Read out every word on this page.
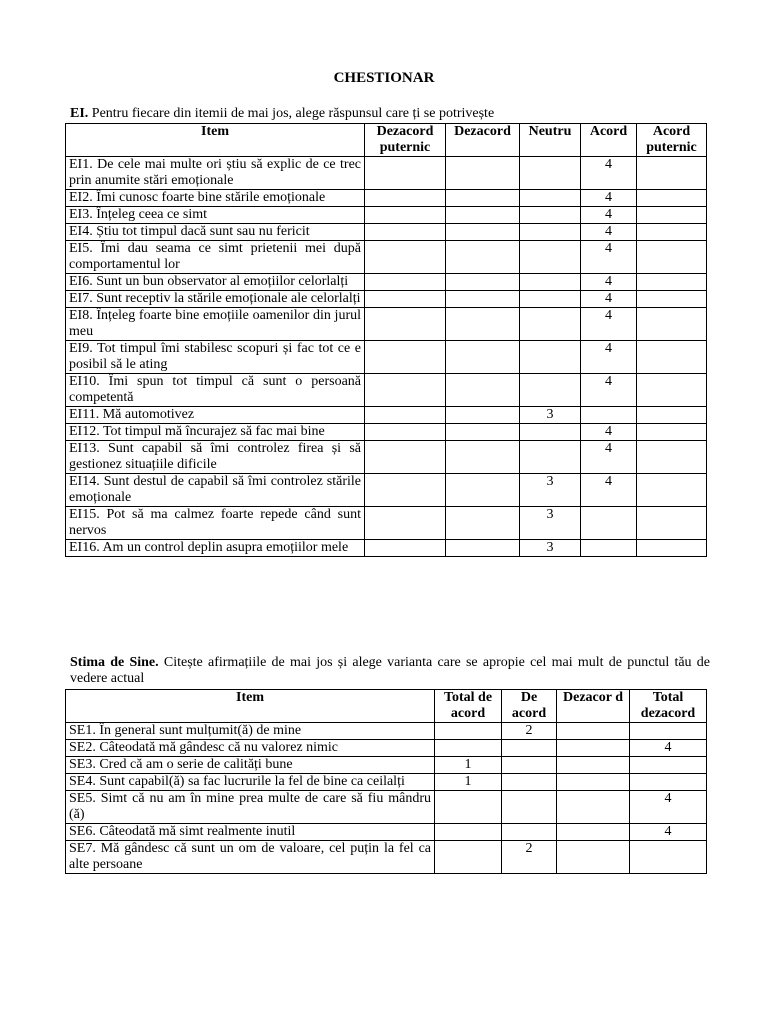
CHESTIONAR
EI. Pentru fiecare din itemii de mai jos, alege răspunsul care ți se potrivește
Item	Dezacord puternic	Dezacord	Neutru	Acord	Acord puternic
EI1. De cele mai multe ori știu să explic de ce trec prin anumite stări emoționale				4	
EI2. Îmi cunosc foarte bine stările emoționale				4	
EI3. Înțeleg ceea ce simt				4	
EI4. Știu tot timpul dacă sunt sau nu fericit				4	
EI5. Îmi dau seama ce simt prietenii mei după comportamentul lor				4	
EI6. Sunt un bun observator al emoțiilor celorlalți				4	
EI7. Sunt receptiv la stările emoționale ale celorlalți				4	
EI8. Înțeleg foarte bine emoțiile oamenilor din jurul meu				4	
EI9. Tot timpul îmi stabilesc scopuri și fac tot ce e posibil să le ating				4	
EI10. Îmi spun tot timpul că sunt o persoană competentă				4	
EI11. Mă automotivez			3		
EI12. Tot timpul mă încurajez să fac mai bine				4	
EI13. Sunt capabil să îmi controlez firea și să gestionez situațiile dificile				4	
EI14. Sunt destul de capabil să îmi controlez stările emoționale			3	4	
EI15. Pot să ma calmez foarte repede când sunt nervos			3		
EI16. Am un control deplin asupra emoțiilor mele			3		
Stima de Sine. Citește afirmațiile de mai jos și alege varianta care se apropie cel mai mult de punctul tău de vedere actual
Item	Total de acord	De acord	Dezacor d	Total dezacord
SE1. În general sunt mulțumit(ă) de mine		2		
SE2. Câteodată mă gândesc că nu valorez nimic				4
SE3. Cred că am o serie de calități bune	1			
SE4. Sunt capabil(ă) sa fac lucrurile la fel de bine ca ceilalți	1			
SE5. Simt că nu am în mine prea multe de care să fiu mândru (ă)				4
SE6. Câteodată mă simt realmente inutil				4
SE7. Mă gândesc că sunt un om de valoare, cel puțin la fel ca alte persoane		2		
